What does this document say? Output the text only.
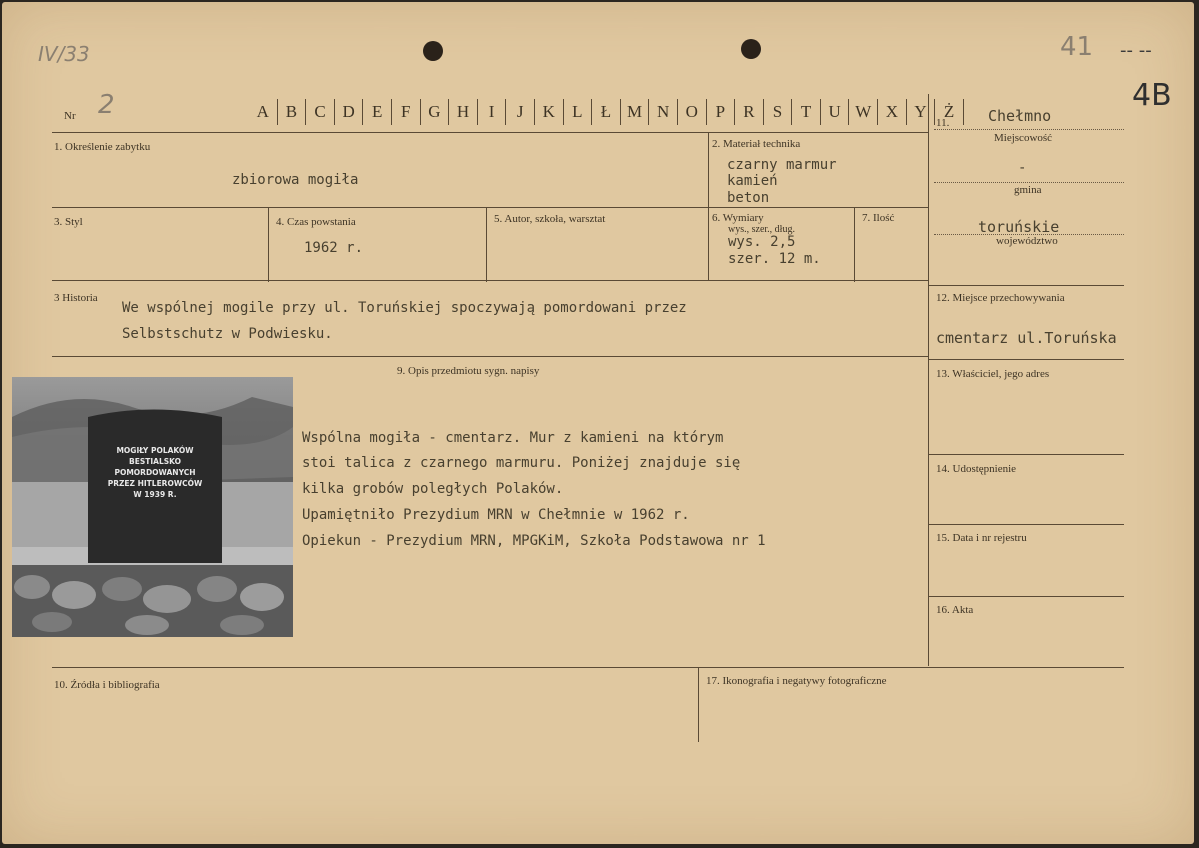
IV/33	41 -- --
4B
Nr 2	A B	C D	E	F	G H	I	J	K	L	Ł M N O	P	R	S	T	U W X Y	Ż
1. Określenie zabytku
zbiorowa mogiła
2. Materiał technika
czarny marmur
kamień
beton
3. Styl	4. Czas powstania
1962 r.
5. Autor, szkoła, warsztat	6. Wymiary
wys., szer., dług.
wys. 2,5
szer. 12 m.
7. Ilość
3 Historia
We wspólnej mogile przy ul. Toruńskiej spoczywają pomordowani przez
Selbstschutz w Podwiesku.
9. Opis przedmiotu sygn. napisy
Wspólna mogiła - cmentarz. Mur z kamieni na którym
stoi talica z czarnego marmuru. Poniżej znajduje się
kilka grobów poległych Polaków.
Upamiętniło Prezydium MRN w Chełmnie w 1962 r.
Opiekun - Prezydium MRN, MPGKiM, Szkoła Podstawowa nr 1
MOGIŁY POLAKÓW
BESTIALSKO POMORDOWANYCH
PRZEZ HITLEROWCÓW
W 1939 R.
10. Źródła i bibliografia	17. Ikonografia i negatywy fotograficzne
11.	Chełmno
Miejscowość
-
gmina
toruńskie
województwo
12. Miejsce przechowywania
cmentarz ul.Toruńska
13. Właściciel, jego adres
14. Udostępnienie
15. Data i nr rejestru
16. Akta
